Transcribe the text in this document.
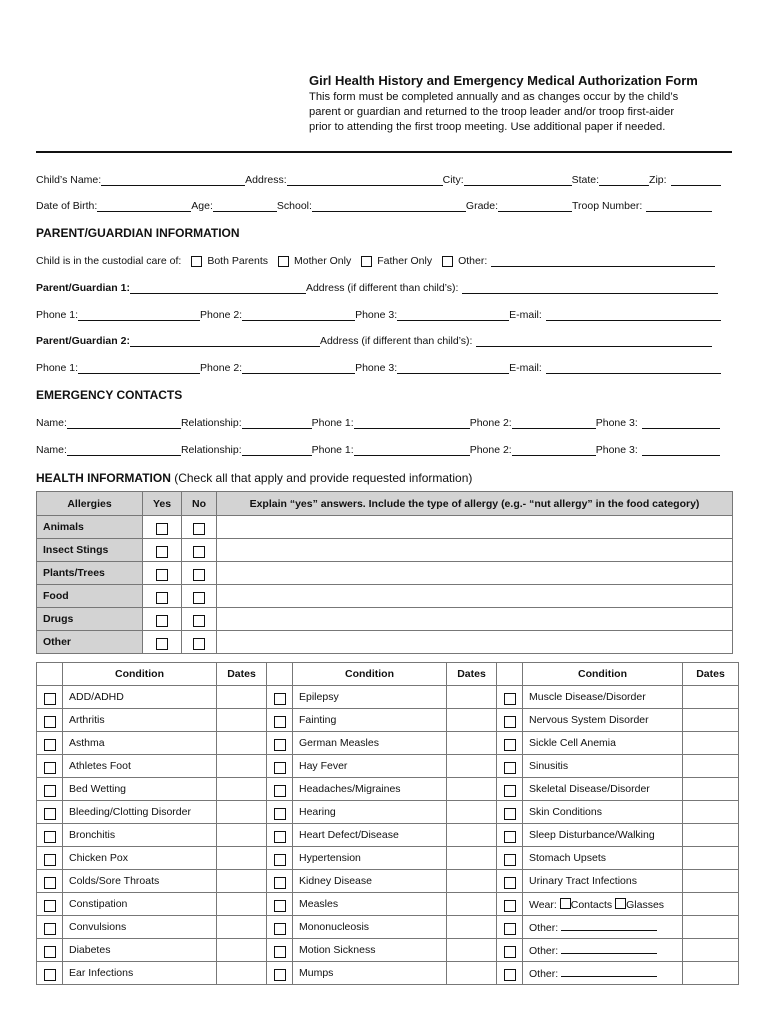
Girl Health History and Emergency Medical Authorization Form

This form must be completed annually and as changes occur by the child’s
parent or guardian and returned to the troop leader and/or troop first-aider
prior to attending the first troop meeting. Use additional paper if needed.

Child’s Name:	Address:	City:	State:	Zip:
Date of Birth:	Age:	School:	Grade:	Troop Number:
PARENT/GUARDIAN INFORMATION
Child is in the custodial care of: Both Parents Mother Only Father Only Other:
Parent/Guardian 1:	Address (if different than child’s):
Phone 1:	Phone 2:	Phone 3:	E-mail:
Parent/Guardian 2:	Address (if different than child’s):
Phone 1:	Phone 2:	Phone 3:	E-mail:
EMERGENCY CONTACTS
Name:	Relationship:	Phone 1:	Phone 2:	Phone 3:
Name:	Relationship:	Phone 1:	Phone 2:	Phone 3:
HEALTH INFORMATION (Check all that apply and provide requested information)
Allergies	Yes	No	Explain “yes” answers. Include the type of allergy (e.g.- “nut allergy” in the food category)
Animals			
Insect Stings			
Plants/Trees			
Food			
Drugs			
Other			
	Condition	Dates		Condition	Dates		Condition	Dates
	ADD/ADHD			Epilepsy			Muscle Disease/Disorder	
	Arthritis			Fainting			Nervous System Disorder	
	Asthma			German Measles			Sickle Cell Anemia	
	Athletes Foot			Hay Fever			Sinusitis	
	Bed Wetting			Headaches/Migraines			Skeletal Disease/Disorder	
	Bleeding/Clotting Disorder			Hearing			Skin Conditions	
	Bronchitis			Heart Defect/Disease			Sleep Disturbance/Walking	
	Chicken Pox			Hypertension			Stomach Upsets	
	Colds/Sore Throats			Kidney Disease			Urinary Tract Infections	
	Constipation			Measles			Wear: Contacts Glasses	
	Convulsions			Mononucleosis			Other:	
	Diabetes			Motion Sickness			Other:	
	Ear Infections			Mumps			Other:	
